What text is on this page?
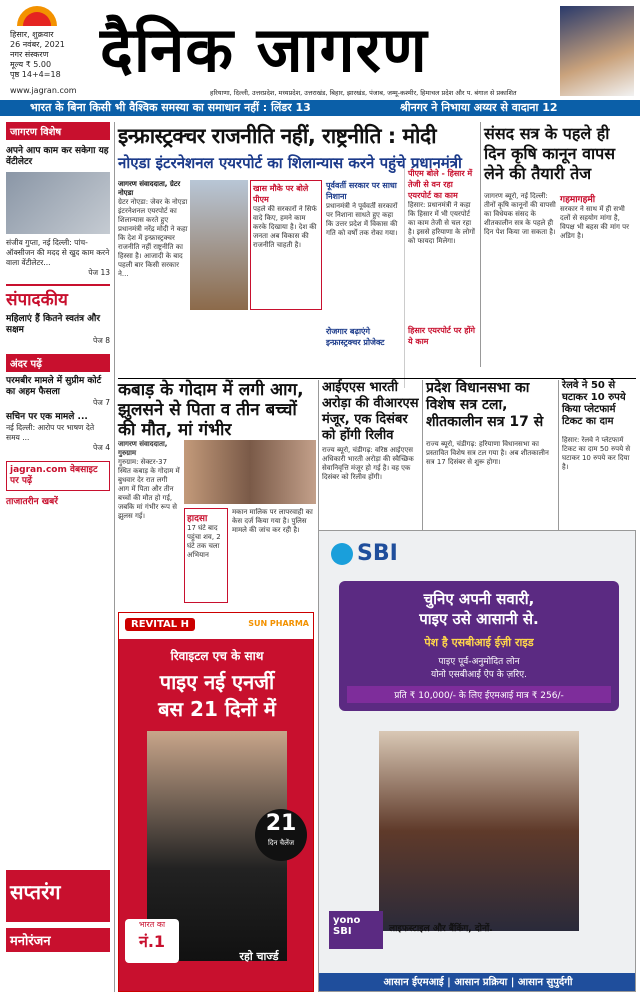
हिसार, शुक्रवार
26 नवंबर, 2021
नगर संस्करण
मूल्य ₹ 5.00
पृष्ठ 14+4=18
www.jagran.com
दैनिक जागरण
हरियाणा, दिल्ली, उत्तरप्रदेश, मध्यप्रदेश, उत्तराखंड, बिहार, झारखंड, पंजाब, जम्मू-कश्मीर, हिमाचल प्रदेश और प. बंगाल से प्रकाशित
भारत के बिना किसी भी वैश्विक समस्या का समाधान नहीं : लिंडर 13	श्रीनगर ने निभाया अय्यर से वादाना 12
जागरण विशेष
अपने आप काम कर सकेगा यह वेंटीलेटर
संजीव गुप्ता, नई दिल्ली: पांच-ऑक्सीजन की मदद से खुद काम करने वाला वेंटीलेटर...
पेज 13
संपादकीय
महिलाएं हैं कितने स्वतंत्र और सक्षम
पेज 8
अंदर पढ़ें
परमबीर मामले में सुप्रीम कोर्ट का अहम फैसला
पेज 7
सचिन पर एक मामले ...
नई दिल्ली: आरोप पर भाषण देते समय ...
पेज 4
jagran.com वेबसाइट पर पढ़ें
ताजातरीन खबरें
सप्तरंग
मनोरंजन
इन्फ्रास्ट्रक्चर राजनीति नहीं, राष्ट्रनीति : मोदी
नोएडा इंटरनेशनल एयरपोर्ट का शिलान्यास करने पहुंचे प्रधानमंत्री
जागरण संवाददाता, ग्रेटर नोएडा
ग्रेटर नोएडा: जेवर के नोएडा इंटरनेशनल एयरपोर्ट का शिलान्यास करते हुए प्रधानमंत्री नरेंद्र मोदी ने कहा कि देश में इन्फ्रास्ट्रक्चर राजनीति नहीं राष्ट्रनीति का हिस्सा है। आजादी के बाद पहली बार किसी सरकार ने...
खास मौके पर बोले पीएम
पहले की सरकारों ने सिर्फ वादे किए, हमने काम करके दिखाया है। देश की जनता अब विकास की राजनीति चाहती है।
पूर्ववर्ती सरकार पर साधा निशाना
प्रधानमंत्री ने पूर्ववर्ती सरकारों पर निशाना साधते हुए कहा कि उत्तर प्रदेश में विकास की गति को वर्षों तक रोका गया।
रोजगार बढ़ाएंगे इन्फ्रास्ट्रक्चर प्रोजेक्ट
पीएम बोले - हिसार में तेजी से वन रहा एयरपोर्ट का काम
हिसार: प्रधानमंत्री ने कहा कि हिसार में भी एयरपोर्ट का काम तेजी से चल रहा है। इससे हरियाणा के लोगों को फायदा मिलेगा।
हिसार एयरपोर्ट पर होंगे ये काम
संसद सत्र के पहले ही दिन कृषि कानून वापस लेने की तैयारी तेज
जागरण ब्यूरो, नई दिल्ली: तीनों कृषि कानूनों की वापसी का विधेयक संसद के शीतकालीन सत्र के पहले ही दिन पेश किया जा सकता है।
गहमागहमी
सरकार ने साथ में ही सभी दलों से सहयोग मांगा है, विपक्ष भी बहस की मांग पर अडिग है।
कबाड़ के गोदाम में लगी आग, झुलसने से पिता व तीन बच्चों की मौत, मां गंभीर
जागरण संवाददाता, गुरुग्राम
गुरुग्राम: सेक्टर-37 स्थित कबाड़ के गोदाम में बुधवार देर रात लगी आग में पिता और तीन बच्चों की मौत हो गई, जबकि मां गंभीर रूप से झुलस गई।	हादसा
17 घंटे बाद पहुंचा शव, 2 घंटे तक चला अभियान
मकान मालिक पर लापरवाही का केस दर्ज किया गया है। पुलिस मामले की जांच कर रही है।
आईएएस भारती अरोड़ा की वीआरएस मंजूर, एक दिसंबर को होंगी रिलीव
राज्य ब्यूरो, चंडीगढ़: वरिष्ठ आईएएस अधिकारी भारती अरोड़ा की स्वैच्छिक सेवानिवृत्ति मंजूर हो गई है। वह एक दिसंबर को रिलीव होंगी।
प्रदेश विधानसभा का विशेष सत्र टला, शीतकालीन सत्र 17 से
राज्य ब्यूरो, चंडीगढ़: हरियाणा विधानसभा का प्रस्तावित विशेष सत्र टल गया है। अब शीतकालीन सत्र 17 दिसंबर से शुरू होगा।
रेलवे ने 50 से घटाकर 10 रुपये किया प्लेटफार्म टिकट का दाम
हिसार: रेलवे ने प्लेटफार्म टिकट का दाम 50 रुपये से घटाकर 10 रुपये कर दिया है।
REVITAL H	SUN PHARMA
रिवाइटल एच के साथ
पाइए नई एनर्जी
बस 21 दिनों में
21
दिन चैलेंज
भारत का
नं.1
रहो चार्ज्ड
SBI
चुनिए अपनी सवारी,
पाइए उसे आसानी से.
पेश है एसबीआई ईज़ी राइड
पाइए पूर्व-अनुमोदित लोन
योनो एसबीआई ऐप के ज़रिए.
प्रति ₹ 10,000/- के लिए ईएमआई मात्र ₹ 256/-
yono SBI	लाइफस्टाइल और बैंकिंग, दोनों.
आसान ईएमआई | आसान प्रक्रिया | आसान सुपुर्दगी
